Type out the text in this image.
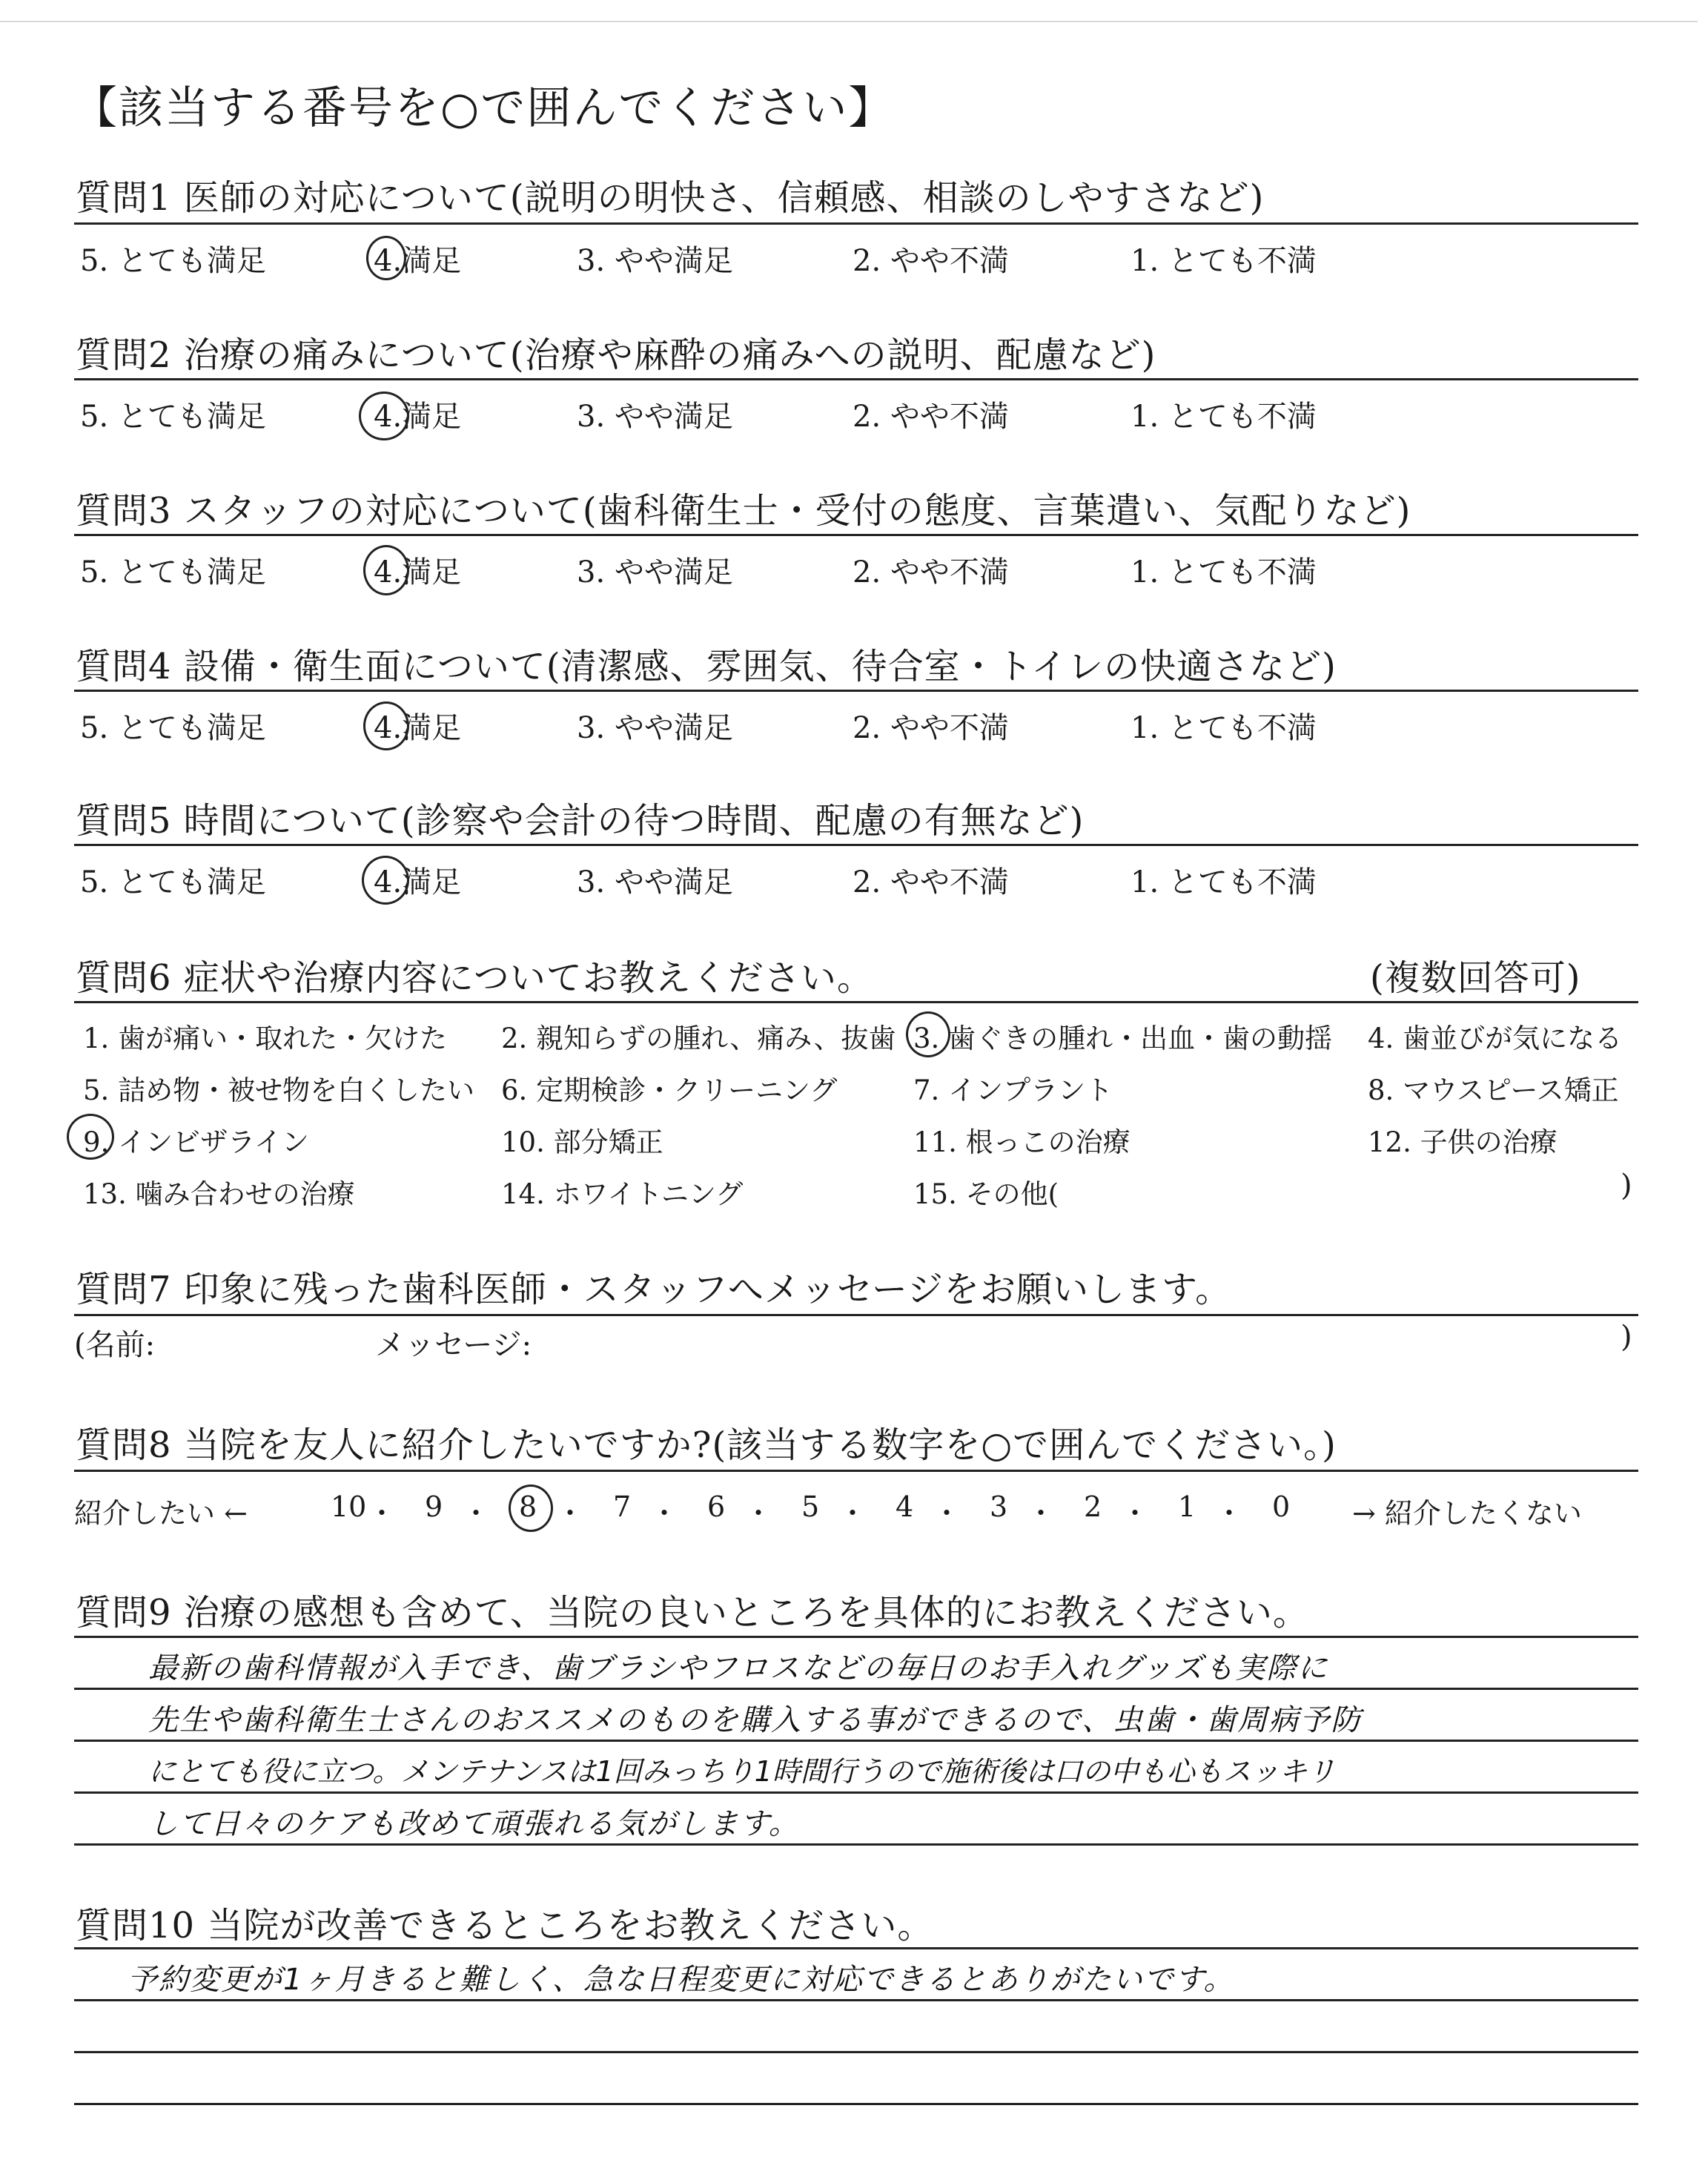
【該当する番号を○で囲んでください】
質問1 医師の対応について(説明の明快さ、信頼感、相談のしやすさなど)
5. とても満足	4.満足	3. やや満足	2. やや不満	1. とても不満
質問2 治療の痛みについて(治療や麻酔の痛みへの説明、配慮など)
5. とても満足	4.満足	3. やや満足	2. やや不満	1. とても不満
質問3 スタッフの対応について(歯科衛生士・受付の態度、言葉遣い、気配りなど)
5. とても満足	4.満足	3. やや満足	2. やや不満	1. とても不満
質問4 設備・衛生面について(清潔感、雰囲気、待合室・トイレの快適さなど)
5. とても満足	4.満足	3. やや満足	2. やや不満	1. とても不満
質問5 時間について(診察や会計の待つ時間、配慮の有無など)
5. とても満足	4.満足	3. やや満足	2. やや不満	1. とても不満
質問6 症状や治療内容についてお教えください。	(複数回答可)
1. 歯が痛い・取れた・欠けた 2. 親知らずの腫れ、痛み、抜歯 3. 歯ぐきの腫れ・出血・歯の動揺 4. 歯並びが気になる
5. 詰め物・被せ物を白くしたい 6. 定期検診・クリーニング	7. インプラント	8. マウスピース矯正
9. インビザライン	10. 部分矯正	11. 根っこの治療	12. 子供の治療
13. 噛み合わせの治療	14. ホワイトニング	15. その他(	)
質問7 印象に残った歯科医師・スタッフへメッセージをお願いします。
(名前:	メッセージ:	)
質問8 当院を友人に紹介したいですか?(該当する数字を○で囲んでください。)
紹介したい ←	10 ・ 9 ・ 8 ・ 7 ・ 6 ・ 5 ・ 4 ・ 3 ・ 2 ・ 1 ・ 0 → 紹介したくない
質問9 治療の感想も含めて、当院の良いところを具体的にお教えください。
最新の歯科情報が入手でき、歯ブラシやフロスなどの毎日のお手入れグッズも実際に
先生や歯科衛生士さんのおススメのものを購入する事ができるので、虫歯・歯周病予防
にとても役に立つ。メンテナンスは1回みっちり1時間行うので施術後は口の中も心もスッキリ
して日々のケアも改めて頑張れる気がします。
質問10 当院が改善できるところをお教えください。
予約変更が1ヶ月きると難しく、急な日程変更に対応できるとありがたいです。
